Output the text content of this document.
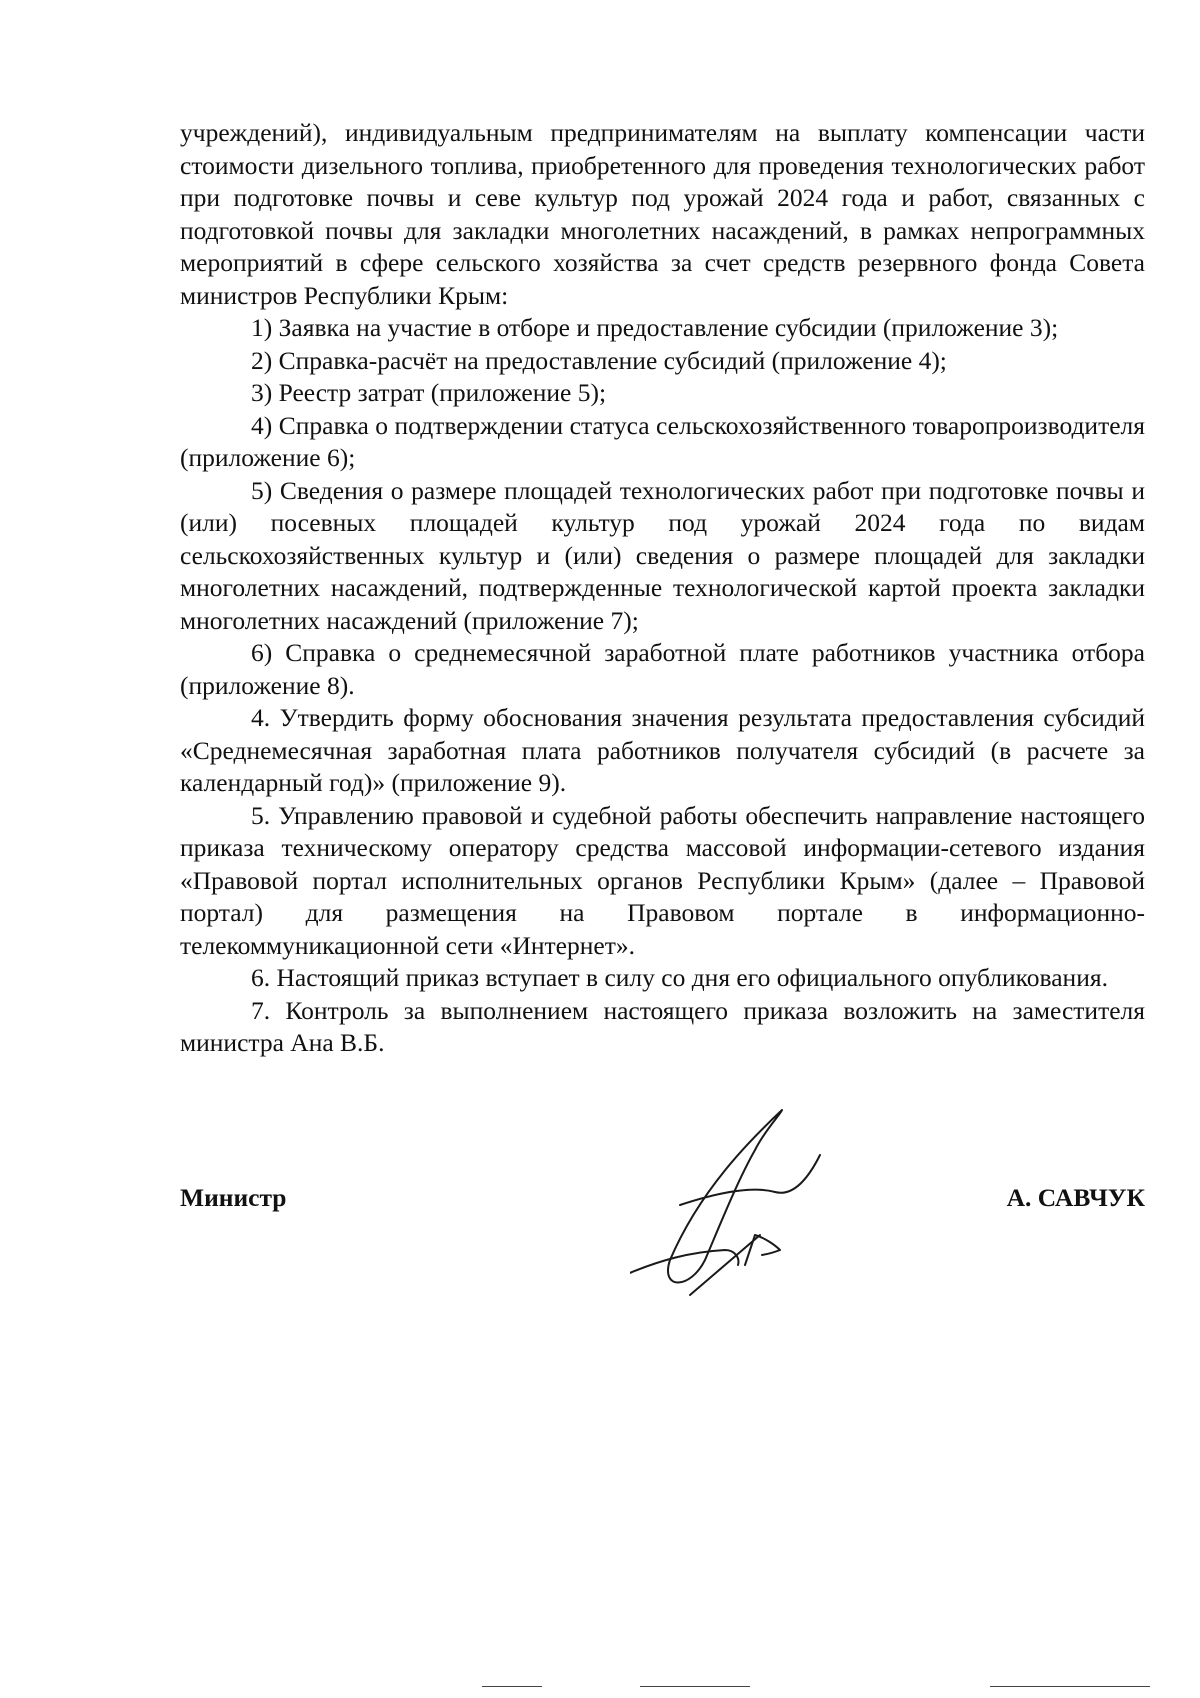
учреждений), индивидуальным предпринимателям на выплату компенсации части стоимости дизельного топлива, приобретенного для проведения технологических работ при подготовке почвы и севе культур под урожай 2024 года и работ, связанных с подготовкой почвы для закладки многолетних насаждений, в рамках непрограммных мероприятий в сфере сельского хозяйства за счет средств резервного фонда Совета министров Республики Крым:

1) Заявка на участие в отборе и предоставление субсидии (приложение 3);

2) Справка-расчёт на предоставление субсидий (приложение 4);

3) Реестр затрат (приложение 5);

4) Справка о подтверждении статуса сельскохозяйственного товаропроизводителя (приложение 6);

5) Сведения о размере площадей технологических работ при подготовке почвы и (или) посевных площадей культур под урожай 2024 года по видам сельскохозяйственных культур и (или) сведения о размере площадей для закладки многолетних насаждений, подтвержденные технологической картой проекта закладки многолетних насаждений (приложение 7);

6) Справка о среднемесячной заработной плате работников участника отбора (приложение 8).

4. Утвердить форму обоснования значения результата предоставления субсидий «Среднемесячная заработная плата работников получателя субсидий (в расчете за календарный год)» (приложение 9).

5. Управлению правовой и судебной работы обеспечить направление настоящего приказа техническому оператору средства массовой информации-сетевого издания «Правовой портал исполнительных органов Республики Крым» (далее – Правовой портал) для размещения на Правовом портале в информационно-телекоммуникационной сети «Интернет».

6. Настоящий приказ вступает в силу со дня его официального опубликования.

7. Контроль за выполнением настоящего приказа возложить на заместителя министра Ана В.Б.

Министр	А. САВЧУК
